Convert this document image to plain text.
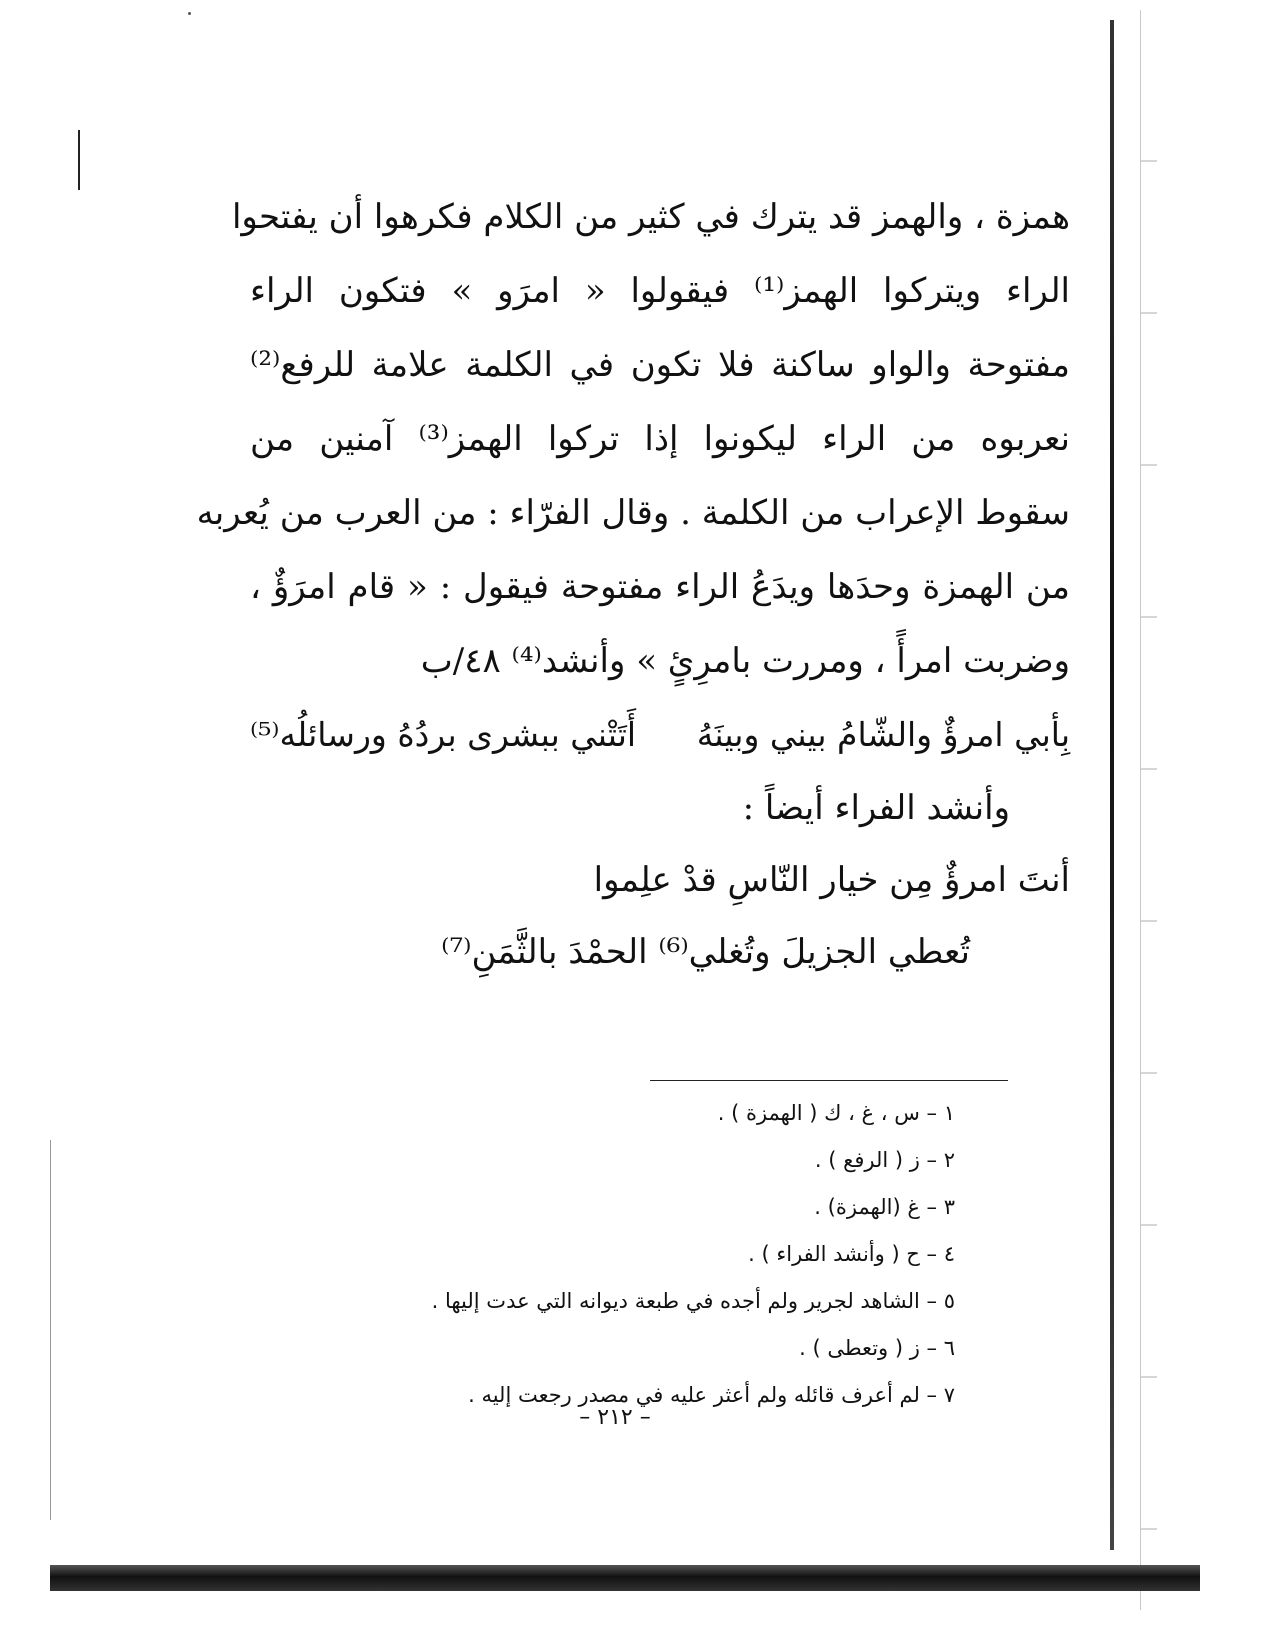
همزة ، والهمز قد يترك في كثير من الكلام فكرهوا أن يفتحوا
الراء ويتركوا الهمز⁽¹⁾ فيقولوا « امرَو » فتكون الراء
مفتوحة والواو ساكنة فلا تكون في الكلمة علامة للرفع⁽²⁾
نعربوه من الراء ليكونوا إذا تركوا الهمز⁽³⁾ آمنين من
سقوط الإعراب من الكلمة . وقال الفرّاء : من العرب من يُعربه
من الهمزة وحدَها ويدَعُ الراء مفتوحة فيقول : « قام امرَؤٌ ،
وضربت امرأً ، ومررت بامرِئٍ » وأنشد⁽⁴⁾ ٤٨/ب
بِأبي امرؤٌ والشّامُ بيني وبينَهُ
أَتَتْني ببشرى بردُهُ ورسائلُه⁽⁵⁾
وأنشد الفراء أيضاً :
أنتَ امرؤٌ مِن خيار النّاسِ قدْ علِموا
تُعطي الجزيلَ وتُغلي⁽⁶⁾ الحمْدَ بالثَّمَنِ⁽⁷⁾
١ – س ، غ ، ك ( الهمزة ) .
٢ – ز ( الرفع ) .
٣ – غ (الهمزة) .
٤ – ح ( وأنشد الفراء ) .
٥ – الشاهد لجرير ولم أجده في طبعة ديوانه التي عدت إليها .
٦ – ز ( وتعطى ) .
٧ – لم أعرف قائله ولم أعثر عليه في مصدر رجعت إليه .
– ٢١٢ –
